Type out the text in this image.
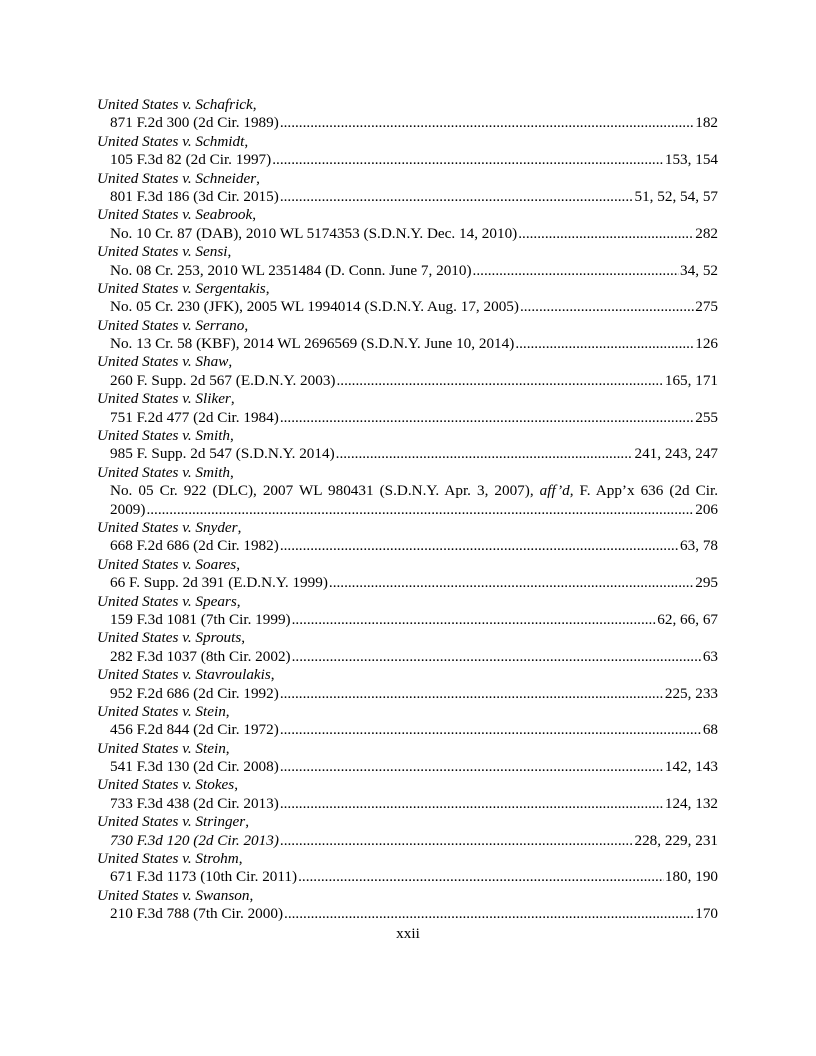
United States v. Schafrick,
871 F.2d 300 (2d Cir. 1989) .....	182
United States v. Schmidt,
105 F.3d 82 (2d Cir. 1997) .....	153, 154
United States v. Schneider,
801 F.3d 186 (3d Cir. 2015) .....	51, 52, 54, 57
United States v. Seabrook,
No. 10 Cr. 87 (DAB), 2010 WL 5174353 (S.D.N.Y. Dec. 14, 2010) .....	282
United States v. Sensi,
No. 08 Cr. 253, 2010 WL 2351484 (D. Conn. June 7, 2010) .....	34, 52
United States v. Sergentakis,
No. 05 Cr. 230 (JFK), 2005 WL 1994014 (S.D.N.Y. Aug. 17, 2005) .....	275
United States v. Serrano,
No. 13 Cr. 58 (KBF), 2014 WL 2696569 (S.D.N.Y. June 10, 2014) .....	126
United States v. Shaw,
260 F. Supp. 2d 567 (E.D.N.Y. 2003) .....	165, 171
United States v. Sliker,
751 F.2d 477 (2d Cir. 1984) .....	255
United States v. Smith,
985 F. Supp. 2d 547 (S.D.N.Y. 2014) .....	241, 243, 247
United States v. Smith,
No. 05 Cr. 922 (DLC), 2007 WL 980431 (S.D.N.Y. Apr. 3, 2007), aff’d, F. App’x 636 (2d Cir.
2009) .....	206
United States v. Snyder,
668 F.2d 686 (2d Cir. 1982) .....	63, 78
United States v. Soares,
66 F. Supp. 2d 391 (E.D.N.Y. 1999) .....	295
United States v. Spears,
159 F.3d 1081 (7th Cir. 1999) .....	62, 66, 67
United States v. Sprouts,
282 F.3d 1037 (8th Cir. 2002) .....	63
United States v. Stavroulakis,
952 F.2d 686 (2d Cir. 1992) .....	225, 233
United States v. Stein,
456 F.2d 844 (2d Cir. 1972) .....	68
United States v. Stein,
541 F.3d 130 (2d Cir. 2008) .....	142, 143
United States v. Stokes,
733 F.3d 438 (2d Cir. 2013) .....	124, 132
United States v. Stringer,
730 F.3d 120 (2d Cir. 2013) .....	228, 229, 231
United States v. Strohm,
671 F.3d 1173 (10th Cir. 2011) .....	180, 190
United States v. Swanson,
210 F.3d 788 (7th Cir. 2000) .....	170
xxii
